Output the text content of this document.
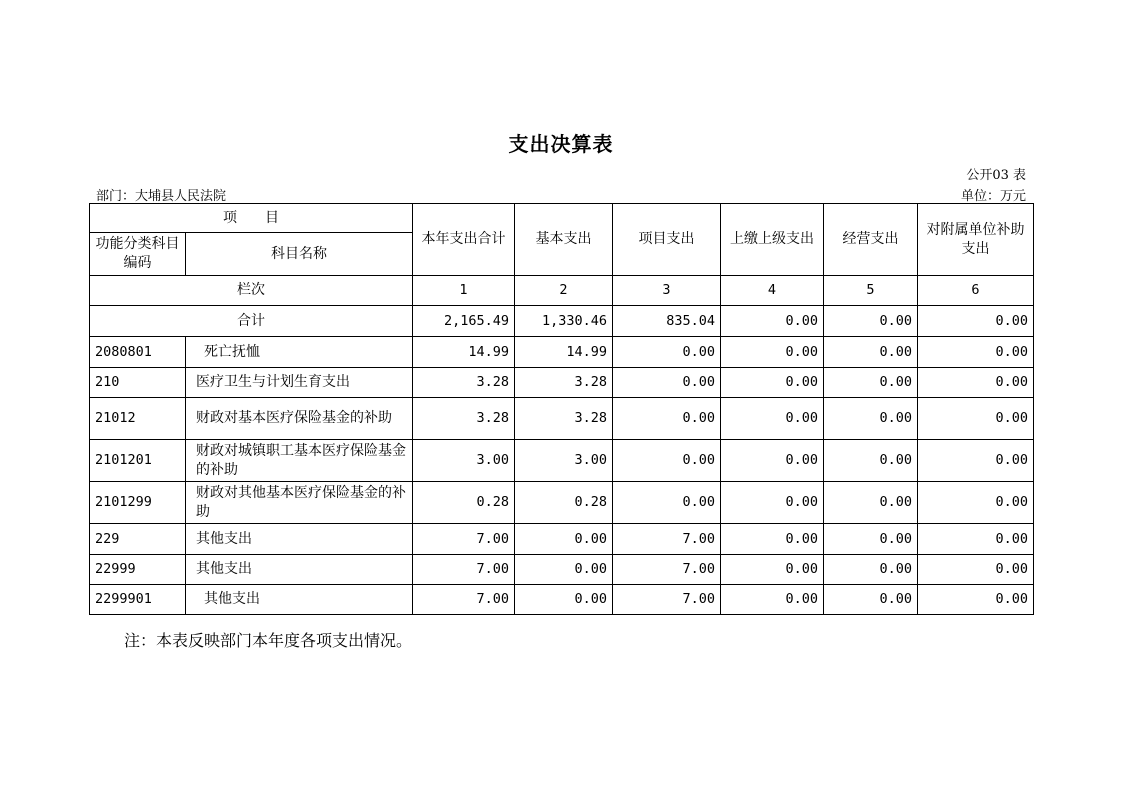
支出决算表
公开03 表
部门：大埔县人民法院	单位：万元
项　　目		本年支出合计	基本支出	项目支出	上缴上级支出	经营支出	对附属单位补助支出
功能分类科目编码	科目名称						
栏次		1	2	3	4	5	6
合计		2,165.49	1,330.46	835.04	0.00	0.00	0.00
2080801	死亡抚恤	14.99	14.99	0.00	0.00	0.00	0.00
210	医疗卫生与计划生育支出	3.28	3.28	0.00	0.00	0.00	0.00
21012	财政对基本医疗保险基金的补助	3.28	3.28	0.00	0.00	0.00	0.00
2101201	财政对城镇职工基本医疗保险基金的补助	3.00	3.00	0.00	0.00	0.00	0.00
2101299	财政对其他基本医疗保险基金的补助	0.28	0.28	0.00	0.00	0.00	0.00
229	其他支出	7.00	0.00	7.00	0.00	0.00	0.00
22999	其他支出	7.00	0.00	7.00	0.00	0.00	0.00
2299901	其他支出	7.00	0.00	7.00	0.00	0.00	0.00
注：本表反映部门本年度各项支出情况。
